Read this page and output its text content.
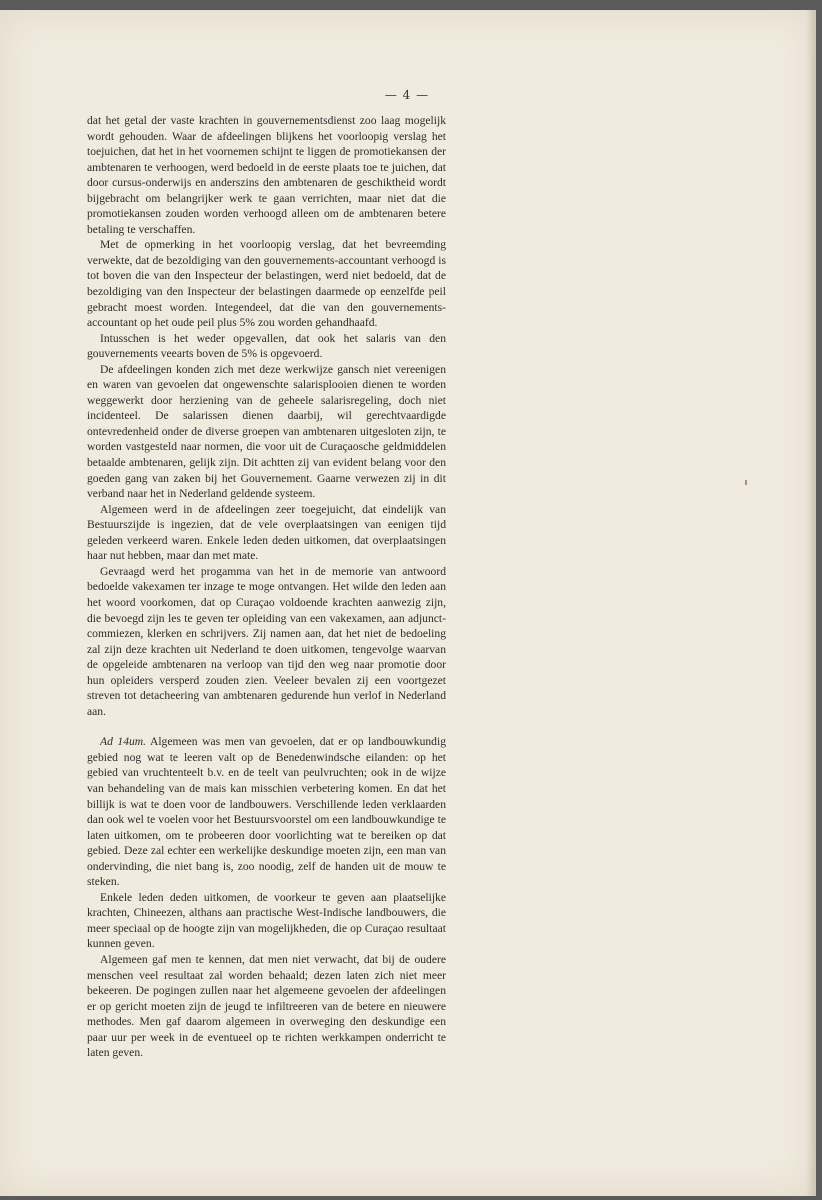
— 4 —

dat het getal der vaste krachten in gouvernementsdienst zoo laag mogelijk wordt gehouden. Waar de afdeelingen blijkens het voorloopig verslag het toejuichen, dat het in het voornemen schijnt te liggen de promotiekansen der ambtenaren te verhoogen, werd bedoeld in de eerste plaats toe te juichen, dat door cursus-onderwijs en anderszins den ambtenaren de geschiktheid wordt bijgebracht om belangrijker werk te gaan verrichten, maar niet dat die promotiekansen zouden worden verhoogd alleen om de ambtenaren betere betaling te verschaffen.

Met de opmerking in het voorloopig verslag, dat het bevreemding verwekte, dat de bezoldiging van den gouvernements-accountant verhoogd is tot boven die van den Inspecteur der belastingen, werd niet bedoeld, dat de bezoldiging van den Inspecteur der belastingen daarmede op eenzelfde peil gebracht moest worden. Integendeel, dat die van den gouvernements-accountant op het oude peil plus 5% zou worden gehandhaafd.

Intusschen is het weder opgevallen, dat ook het salaris van den gouvernements veearts boven de 5% is opgevoerd.

De afdeelingen konden zich met deze werkwijze gansch niet vereenigen en waren van gevoelen dat ongewenschte salarisplooien dienen te worden weggewerkt door herziening van de geheele salarisregeling, doch niet incidenteel. De salarissen dienen daarbij, wil gerechtvaardigde ontevredenheid onder de diverse groepen van ambtenaren uitgesloten zijn, te worden vastgesteld naar normen, die voor uit de Curaçaosche geldmiddelen betaalde ambtenaren, gelijk zijn. Dit achtten zij van evident belang voor den goeden gang van zaken bij het Gouvernement. Gaarne verwezen zij in dit verband naar het in Nederland geldende systeem.

Algemeen werd in de afdeelingen zeer toegejuicht, dat eindelijk van Bestuurszijde is ingezien, dat de vele overplaatsingen van eenigen tijd geleden verkeerd waren. Enkele leden deden uitkomen, dat overplaatsingen haar nut hebben, maar dan met mate.

Gevraagd werd het progamma van het in de memorie van antwoord bedoelde vakexamen ter inzage te moge ontvangen. Het wilde den leden aan het woord voorkomen, dat op Curaçao voldoende krachten aanwezig zijn, die bevoegd zijn les te geven ter opleiding van een vakexamen, aan adjunct-commiezen, klerken en schrijvers. Zij namen aan, dat het niet de bedoeling zal zijn deze krachten uit Nederland te doen uitkomen, tengevolge waarvan de opgeleide ambtenaren na verloop van tijd den weg naar promotie door hun opleiders versperd zouden zien. Veeleer bevalen zij een voortgezet streven tot detacheering van ambtenaren gedurende hun verlof in Nederland aan.

Ad 14um. Algemeen was men van gevoelen, dat er op landbouwkundig gebied nog wat te leeren valt op de Benedenwindsche eilanden: op het gebied van vruchtenteelt b.v. en de teelt van peulvruchten; ook in de wijze van behandeling van de mais kan misschien verbetering komen. En dat het billijk is wat te doen voor de landbouwers. Verschillende leden verklaarden dan ook wel te voelen voor het Bestuursvoorstel om een landbouwkundige te laten uitkomen, om te probeeren door voorlichting wat te bereiken op dat gebied. Deze zal echter een werkelijke deskundige moeten zijn, een man van ondervinding, die niet bang is, zoo noodig, zelf de handen uit de mouw te steken.

Enkele leden deden uitkomen, de voorkeur te geven aan plaatselijke krachten, Chineezen, althans aan practische West-Indische landbouwers, die meer speciaal op de hoogte zijn van mogelijkheden, die op Curaçao resultaat kunnen geven.

Algemeen gaf men te kennen, dat men niet verwacht, dat bij de oudere menschen veel resultaat zal worden behaald; dezen laten zich niet meer bekeeren. De pogingen zullen naar het algemeene gevoelen der afdeelingen er op gericht moeten zijn de jeugd te infiltreeren van de betere en nieuwere methodes. Men gaf daarom algemeen in overweging den deskundige een paar uur per week in de eventueel op te richten werkkampen onderricht te laten geven.
